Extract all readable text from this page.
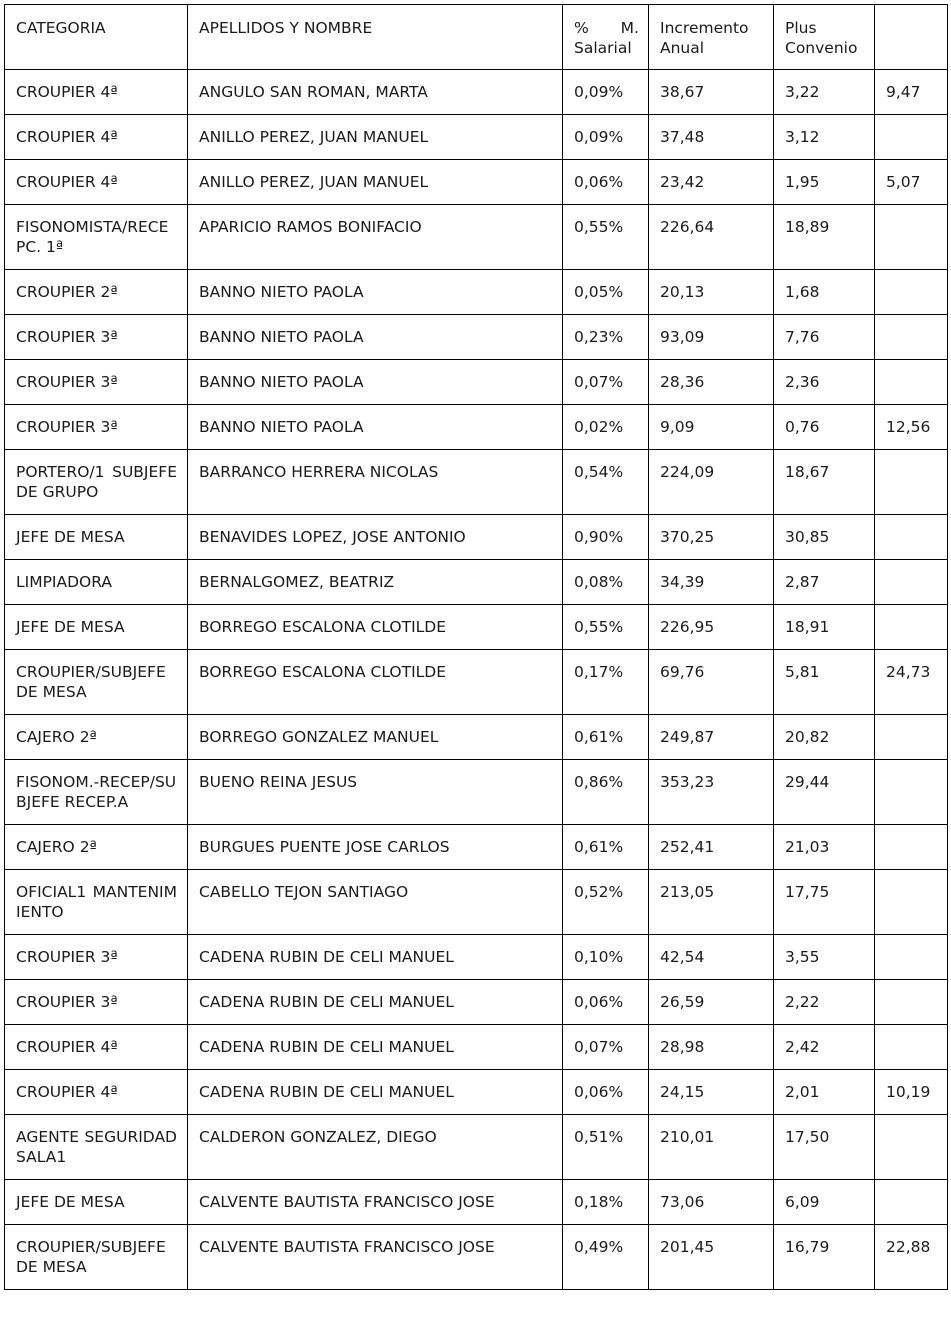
CATEGORIA	APELLIDOS Y NOMBRE	% M. Salarial	Incremento Anual	Plus Convenio	
CROUPIER 4ª	ANGULO SAN ROMAN, MARTA	0,09%	38,67	3,22	9,47
CROUPIER 4ª	ANILLO PEREZ, JUAN MANUEL	0,09%	37,48	3,12	
CROUPIER 4ª	ANILLO PEREZ, JUAN MANUEL	0,06%	23,42	1,95	5,07
FISONOMISTA/RECEPC. 1ª	APARICIO RAMOS BONIFACIO	0,55%	226,64	18,89	
CROUPIER 2ª	BANNO NIETO PAOLA	0,05%	20,13	1,68	
CROUPIER 3ª	BANNO NIETO PAOLA	0,23%	93,09	7,76	
CROUPIER 3ª	BANNO NIETO PAOLA	0,07%	28,36	2,36	
CROUPIER 3ª	BANNO NIETO PAOLA	0,02%	9,09	0,76	12,56
PORTERO/1 SUBJEFE DE GRUPO	BARRANCO HERRERA NICOLAS	0,54%	224,09	18,67	
JEFE DE MESA	BENAVIDES LOPEZ, JOSE ANTONIO	0,90%	370,25	30,85	
LIMPIADORA	BERNALGOMEZ, BEATRIZ	0,08%	34,39	2,87	
JEFE DE MESA	BORREGO ESCALONA CLOTILDE	0,55%	226,95	18,91	
CROUPIER/SUBJEFE DE MESA	BORREGO ESCALONA CLOTILDE	0,17%	69,76	5,81	24,73
CAJERO 2ª	BORREGO GONZALEZ MANUEL	0,61%	249,87	20,82	
FISONOM.-RECEP/SUBJEFE RECEP.A	BUENO REINA JESUS	0,86%	353,23	29,44	
CAJERO 2ª	BURGUES PUENTE JOSE CARLOS	0,61%	252,41	21,03	
OFICIAL1 MANTENIMIENTO	CABELLO TEJON SANTIAGO	0,52%	213,05	17,75	
CROUPIER 3ª	CADENA RUBIN DE CELI MANUEL	0,10%	42,54	3,55	
CROUPIER 3ª	CADENA RUBIN DE CELI MANUEL	0,06%	26,59	2,22	
CROUPIER 4ª	CADENA RUBIN DE CELI MANUEL	0,07%	28,98	2,42	
CROUPIER 4ª	CADENA RUBIN DE CELI MANUEL	0,06%	24,15	2,01	10,19
AGENTE SEGURIDAD SALA1	CALDERON GONZALEZ, DIEGO	0,51%	210,01	17,50	
JEFE DE MESA	CALVENTE BAUTISTA FRANCISCO JOSE	0,18%	73,06	6,09	
CROUPIER/SUBJEFE DE MESA	CALVENTE BAUTISTA FRANCISCO JOSE	0,49%	201,45	16,79	22,88
